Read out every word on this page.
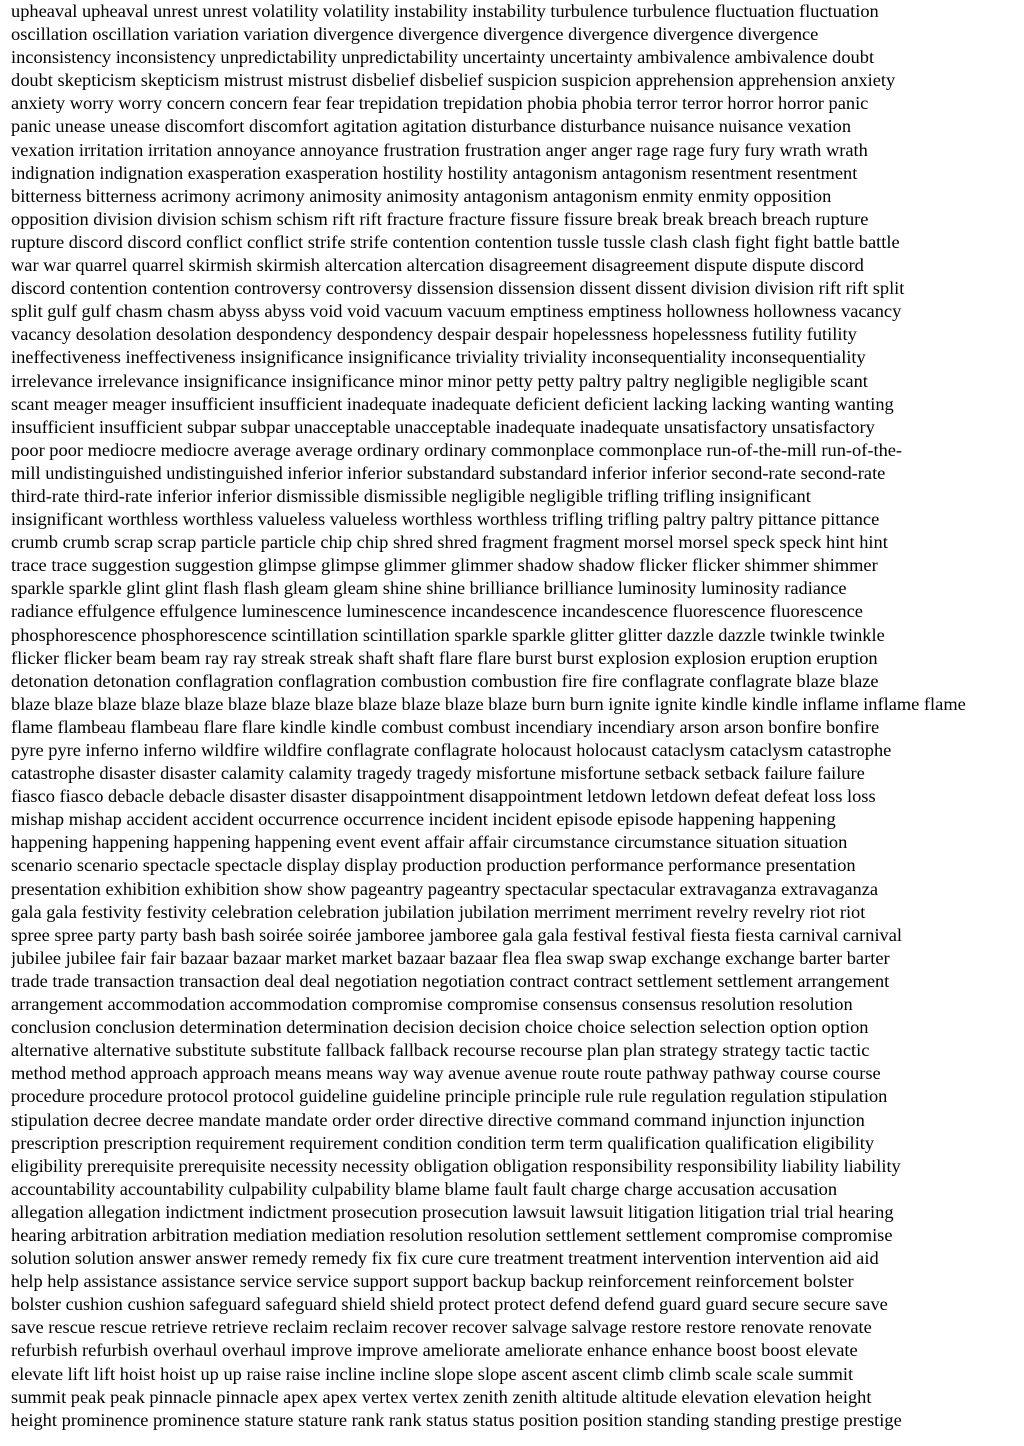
upheaval upheaval unrest unrest volatility volatility instability instability turbulence turbulence fluctuation fluctuation
oscillation oscillation variation variation divergence divergence divergence divergence divergence divergence
inconsistency inconsistency unpredictability unpredictability uncertainty uncertainty ambivalence ambivalence doubt
doubt skepticism skepticism mistrust mistrust disbelief disbelief suspicion suspicion apprehension apprehension anxiety
anxiety worry worry concern concern fear fear trepidation trepidation phobia phobia terror terror horror horror panic
panic unease unease discomfort discomfort agitation agitation disturbance disturbance nuisance nuisance vexation
vexation irritation irritation annoyance annoyance frustration frustration anger anger rage rage fury fury wrath wrath
indignation indignation exasperation exasperation hostility hostility antagonism antagonism resentment resentment
bitterness bitterness acrimony acrimony animosity animosity antagonism antagonism enmity enmity opposition
opposition division division schism schism rift rift fracture fracture fissure fissure break break breach breach rupture
rupture discord discord conflict conflict strife strife contention contention tussle tussle clash clash fight fight battle battle
war war quarrel quarrel skirmish skirmish altercation altercation disagreement disagreement dispute dispute discord
discord contention contention controversy controversy dissension dissension dissent dissent division division rift rift split
split gulf gulf chasm chasm abyss abyss void void vacuum vacuum emptiness emptiness hollowness hollowness vacancy
vacancy desolation desolation despondency despondency despair despair hopelessness hopelessness futility futility
ineffectiveness ineffectiveness insignificance insignificance triviality triviality inconsequentiality inconsequentiality
irrelevance irrelevance insignificance insignificance minor minor petty petty paltry paltry negligible negligible scant
scant meager meager insufficient insufficient inadequate inadequate deficient deficient lacking lacking wanting wanting
insufficient insufficient subpar subpar unacceptable unacceptable inadequate inadequate unsatisfactory unsatisfactory
poor poor mediocre mediocre average average ordinary ordinary commonplace commonplace run-of-the-mill run-of-the-
mill undistinguished undistinguished inferior inferior substandard substandard inferior inferior second-rate second-rate
third-rate third-rate inferior inferior dismissible dismissible negligible negligible trifling trifling insignificant
insignificant worthless worthless valueless valueless worthless worthless trifling trifling paltry paltry pittance pittance
crumb crumb scrap scrap particle particle chip chip shred shred fragment fragment morsel morsel speck speck hint hint
trace trace suggestion suggestion glimpse glimpse glimmer glimmer shadow shadow flicker flicker shimmer shimmer
sparkle sparkle glint glint flash flash gleam gleam shine shine brilliance brilliance luminosity luminosity radiance
radiance effulgence effulgence luminescence luminescence incandescence incandescence fluorescence fluorescence
phosphorescence phosphorescence scintillation scintillation sparkle sparkle glitter glitter dazzle dazzle twinkle twinkle
flicker flicker beam beam ray ray streak streak shaft shaft flare flare burst burst explosion explosion eruption eruption
detonation detonation conflagration conflagration combustion combustion fire fire conflagrate conflagrate blaze blaze
blaze blaze blaze blaze blaze blaze blaze blaze blaze blaze blaze blaze burn burn ignite ignite kindle kindle inflame inflame flame
flame flambeau flambeau flare flare kindle kindle combust combust incendiary incendiary arson arson bonfire bonfire
pyre pyre inferno inferno wildfire wildfire conflagrate conflagrate holocaust holocaust cataclysm cataclysm catastrophe
catastrophe disaster disaster calamity calamity tragedy tragedy misfortune misfortune setback setback failure failure
fiasco fiasco debacle debacle disaster disaster disappointment disappointment letdown letdown defeat defeat loss loss
mishap mishap accident accident occurrence occurrence incident incident episode episode happening happening
happening happening happening happening event event affair affair circumstance circumstance situation situation
scenario scenario spectacle spectacle display display production production performance performance presentation
presentation exhibition exhibition show show pageantry pageantry spectacular spectacular extravaganza extravaganza
gala gala festivity festivity celebration celebration jubilation jubilation merriment merriment revelry revelry riot riot
spree spree party party bash bash soirée soirée jamboree jamboree gala gala festival festival fiesta fiesta carnival carnival
jubilee jubilee fair fair bazaar bazaar market market bazaar bazaar flea flea swap swap exchange exchange barter barter
trade trade transaction transaction deal deal negotiation negotiation contract contract settlement settlement arrangement
arrangement accommodation accommodation compromise compromise consensus consensus resolution resolution
conclusion conclusion determination determination decision decision choice choice selection selection option option
alternative alternative substitute substitute fallback fallback recourse recourse plan plan strategy strategy tactic tactic
method method approach approach means means way way avenue avenue route route pathway pathway course course
procedure procedure protocol protocol guideline guideline principle principle rule rule regulation regulation stipulation
stipulation decree decree mandate mandate order order directive directive command command injunction injunction
prescription prescription requirement requirement condition condition term term qualification qualification eligibility
eligibility prerequisite prerequisite necessity necessity obligation obligation responsibility responsibility liability liability
accountability accountability culpability culpability blame blame fault fault charge charge accusation accusation
allegation allegation indictment indictment prosecution prosecution lawsuit lawsuit litigation litigation trial trial hearing
hearing arbitration arbitration mediation mediation resolution resolution settlement settlement compromise compromise
solution solution answer answer remedy remedy fix fix cure cure treatment treatment intervention intervention aid aid
help help assistance assistance service service support support backup backup reinforcement reinforcement bolster
bolster cushion cushion safeguard safeguard shield shield protect protect defend defend guard guard secure secure save
save rescue rescue retrieve retrieve reclaim reclaim recover recover salvage salvage restore restore renovate renovate
refurbish refurbish overhaul overhaul improve improve ameliorate ameliorate enhance enhance boost boost elevate
elevate lift lift hoist hoist up up raise raise incline incline slope slope ascent ascent climb climb scale scale summit
summit peak peak pinnacle pinnacle apex apex vertex vertex zenith zenith altitude altitude elevation elevation height
height prominence prominence stature stature rank rank status status position position standing standing prestige prestige
